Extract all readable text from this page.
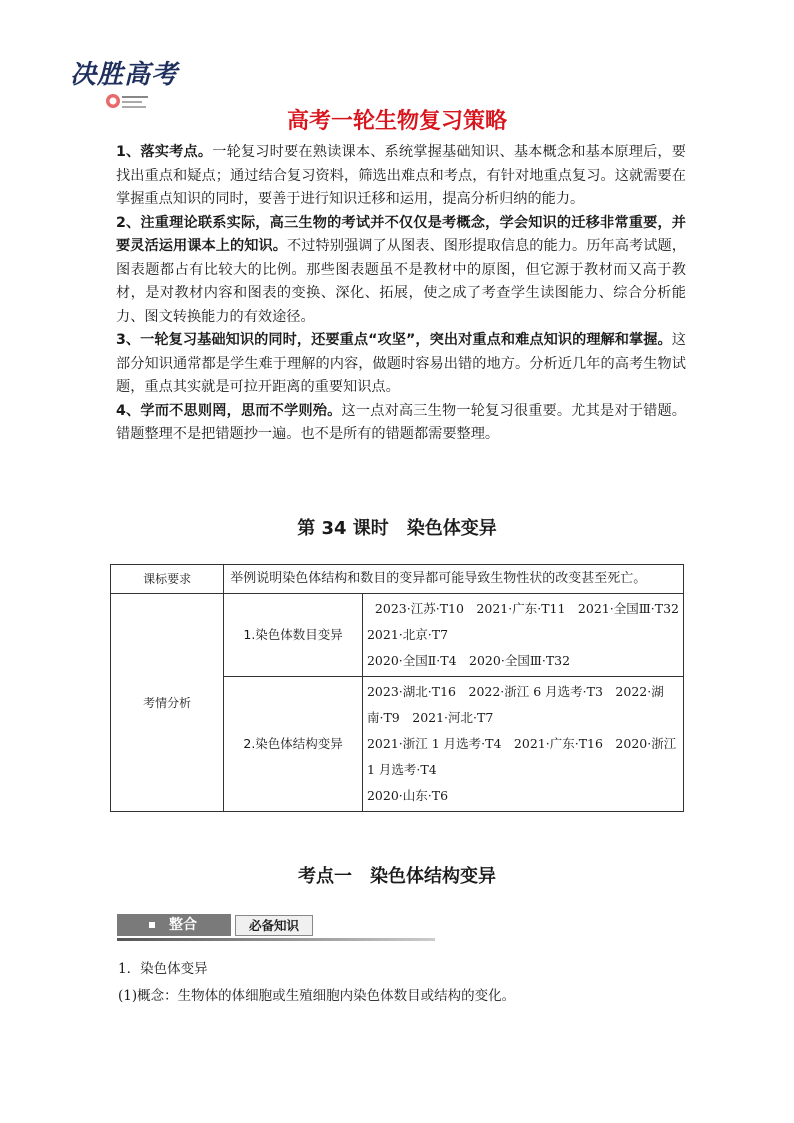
决胜高考
高考一轮生物复习策略

1、落实考点。一轮复习时要在熟读课本、系统掌握基础知识、基本概念和基本原理后，要找出重点和疑点；通过结合复习资料，筛选出难点和考点，有针对地重点复习。这就需要在掌握重点知识的同时，要善于进行知识迁移和运用，提高分析归纳的能力。

2、注重理论联系实际，高三生物的考试并不仅仅是考概念，学会知识的迁移非常重要，并要灵活运用课本上的知识。不过特别强调了从图表、图形提取信息的能力。历年高考试题，图表题都占有比较大的比例。那些图表题虽不是教材中的原图，但它源于教材而又高于教材，是对教材内容和图表的变换、深化、拓展，使之成了考查学生读图能力、综合分析能力、图文转换能力的有效途径。

3、一轮复习基础知识的同时，还要重点“攻坚”，突出对重点和难点知识的理解和掌握。这部分知识通常都是学生难于理解的内容，做题时容易出错的地方。分析近几年的高考生物试题，重点其实就是可拉开距离的重要知识点。

4、学而不思则罔，思而不学则殆。这一点对高三生物一轮复习很重要。尤其是对于错题。错题整理不是把错题抄一遍。也不是所有的错题都需要整理。

第 34 课时　染色体变异
课标要求	举例说明染色体结构和数目的变异都可能导致生物性状的改变甚至死亡。	
考情分析	1.染色体数目变异	2023·江苏·T10　2021·广东·T11　2021·全国Ⅲ·T32
2021·北京·T7
2020·全国Ⅱ·T4　2020·全国Ⅲ·T32

	2.染色体结构变异	2023·湖北·T16　2022·浙江 6 月选考·T3　2022·湖
南·T9　2021·河北·T7
2021·浙江 1 月选考·T4　2021·广东·T16　2020·浙江
1 月选考·T4
2020·山东·T6
考点一　染色体结构变异
整合	必备知识

1．染色体变异

(1)概念：生物体的体细胞或生殖细胞内染色体数目或结构的变化。
